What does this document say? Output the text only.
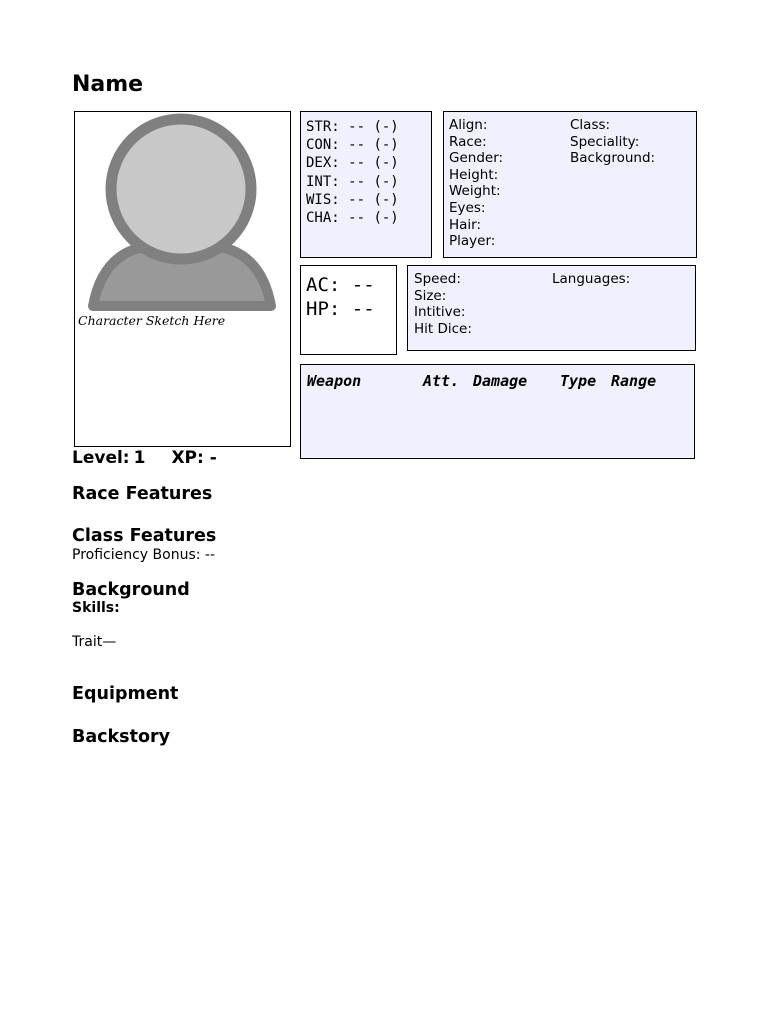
Name
Character Sketch Here
STR: -- (-)
CON: -- (-)
DEX: -- (-)
INT: -- (-)
WIS: -- (-)
CHA: -- (-)
Align:
Race:
Gender:
Height:
Weight:
Eyes:
Hair:
Player:
Class:
Speciality:
Background:
AC: --
HP: --
Speed:
Size:
Intitive:
Hit Dice:
Languages:
Weapon	Att. Damage Type Range
Level: 1 XP: -
Race Features
Class Features
Proficiency Bonus: --
Background
Skills:
Trait—
Equipment
Backstory
